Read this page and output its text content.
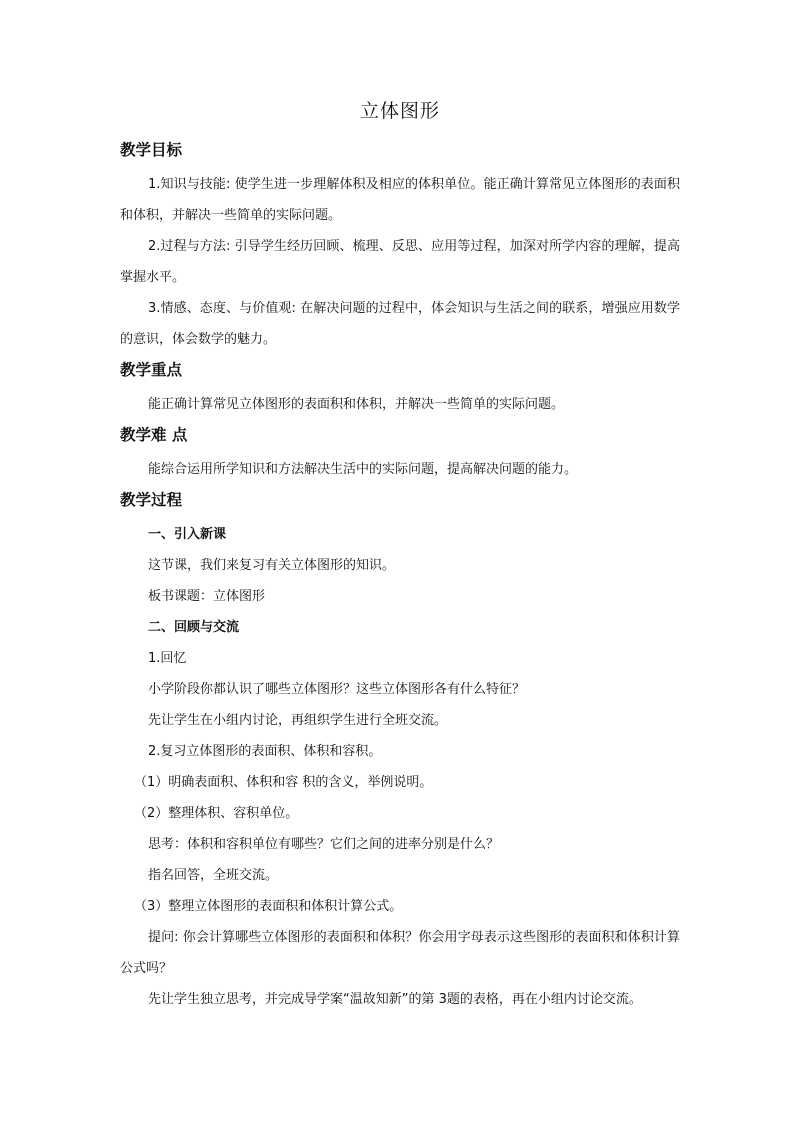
立体图形
教学目标

1.知识与技能: 使学生进一步理解体积及相应的体积单位。能正确计算常见立体图形的表面积和体积，并解决一些简单的实际问题。

2.过程与方法: 引导学生经历回顾、梳理、反思、应用等过程，加深对所学内容的理解，提高掌握水平。

3.情感、态度、与价值观: 在解决问题的过程中，体会知识与生活之间的联系，增强应用数学的意识，体会数学的魅力。

教学重点

能正确计算常见立体图形的表面积和体积，并解决一些简单的实际问题。

教学难 点

能综合运用所学知识和方法解决生活中的实际问题，提高解决问题的能力。

教学过程

一、引入新课

这节课，我们来复习有关立体图形的知识。

板书课题：立体图形

二、回顾与交流

1.回忆

小学阶段你都认识了哪些立体图形？这些立体图形各有什么特征？

先让学生在小组内讨论，再组织学生进行全班交流。

2.复习立体图形的表面积、体积和容积。

（1）明确表面积、体积和容 积的含义，举例说明。

（2）整理体积、容积单位。

思考：体积和容积单位有哪些？它们之间的进率分别是什么？

指名回答，全班交流。

（3）整理立体图形的表面积和体积计算公式。

提问: 你会计算哪些立体图形的表面积和体积？你会用字母表示这些图形的表面积和体积计算公式吗？

先让学生独立思考，并完成导学案“温故知新”的第 3题的表格，再在小组内讨论交流。
